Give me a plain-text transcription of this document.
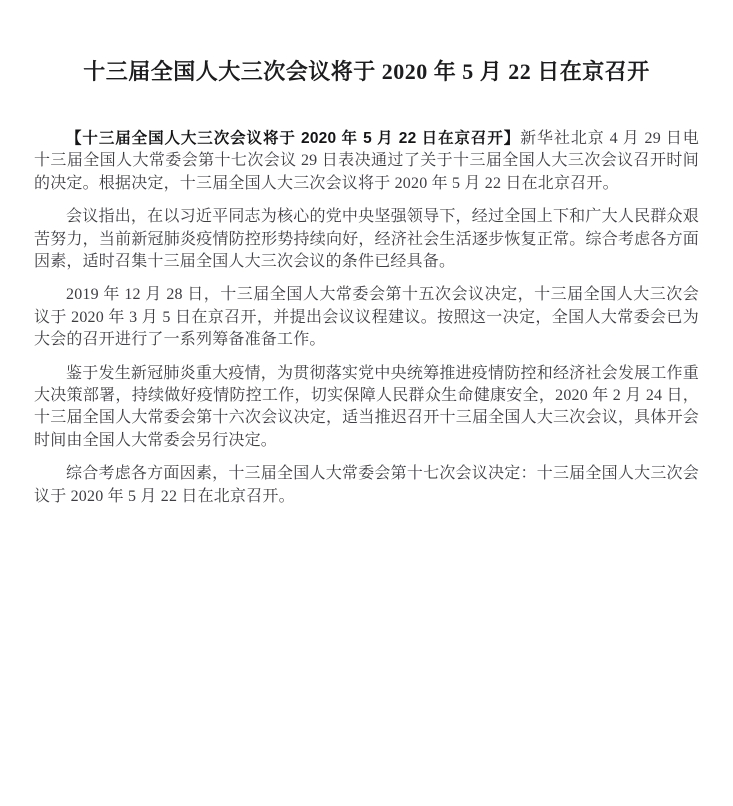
十三届全国人大三次会议将于 2020 年 5 月 22 日在京召开

【十三届全国人大三次会议将于 2020 年 5 月 22 日在京召开】新华社北京 4 月 29 日电　十三届全国人大常委会第十七次会议 29 日表决通过了关于十三届全国人大三次会议召开时间的决定。根据决定，十三届全国人大三次会议将于 2020 年 5 月 22 日在北京召开。

会议指出，在以习近平同志为核心的党中央坚强领导下，经过全国上下和广大人民群众艰苦努力，当前新冠肺炎疫情防控形势持续向好，经济社会生活逐步恢复正常。综合考虑各方面因素，适时召集十三届全国人大三次会议的条件已经具备。

2019 年 12 月 28 日，十三届全国人大常委会第十五次会议决定，十三届全国人大三次会议于 2020 年 3 月 5 日在京召开，并提出会议议程建议。按照这一决定，全国人大常委会已为大会的召开进行了一系列筹备准备工作。

鉴于发生新冠肺炎重大疫情，为贯彻落实党中央统筹推进疫情防控和经济社会发展工作重大决策部署，持续做好疫情防控工作，切实保障人民群众生命健康安全，2020 年 2 月 24 日，十三届全国人大常委会第十六次会议决定，适当推迟召开十三届全国人大三次会议，具体开会时间由全国人大常委会另行决定。

综合考虑各方面因素，十三届全国人大常委会第十七次会议决定：十三届全国人大三次会议于 2020 年 5 月 22 日在北京召开。
